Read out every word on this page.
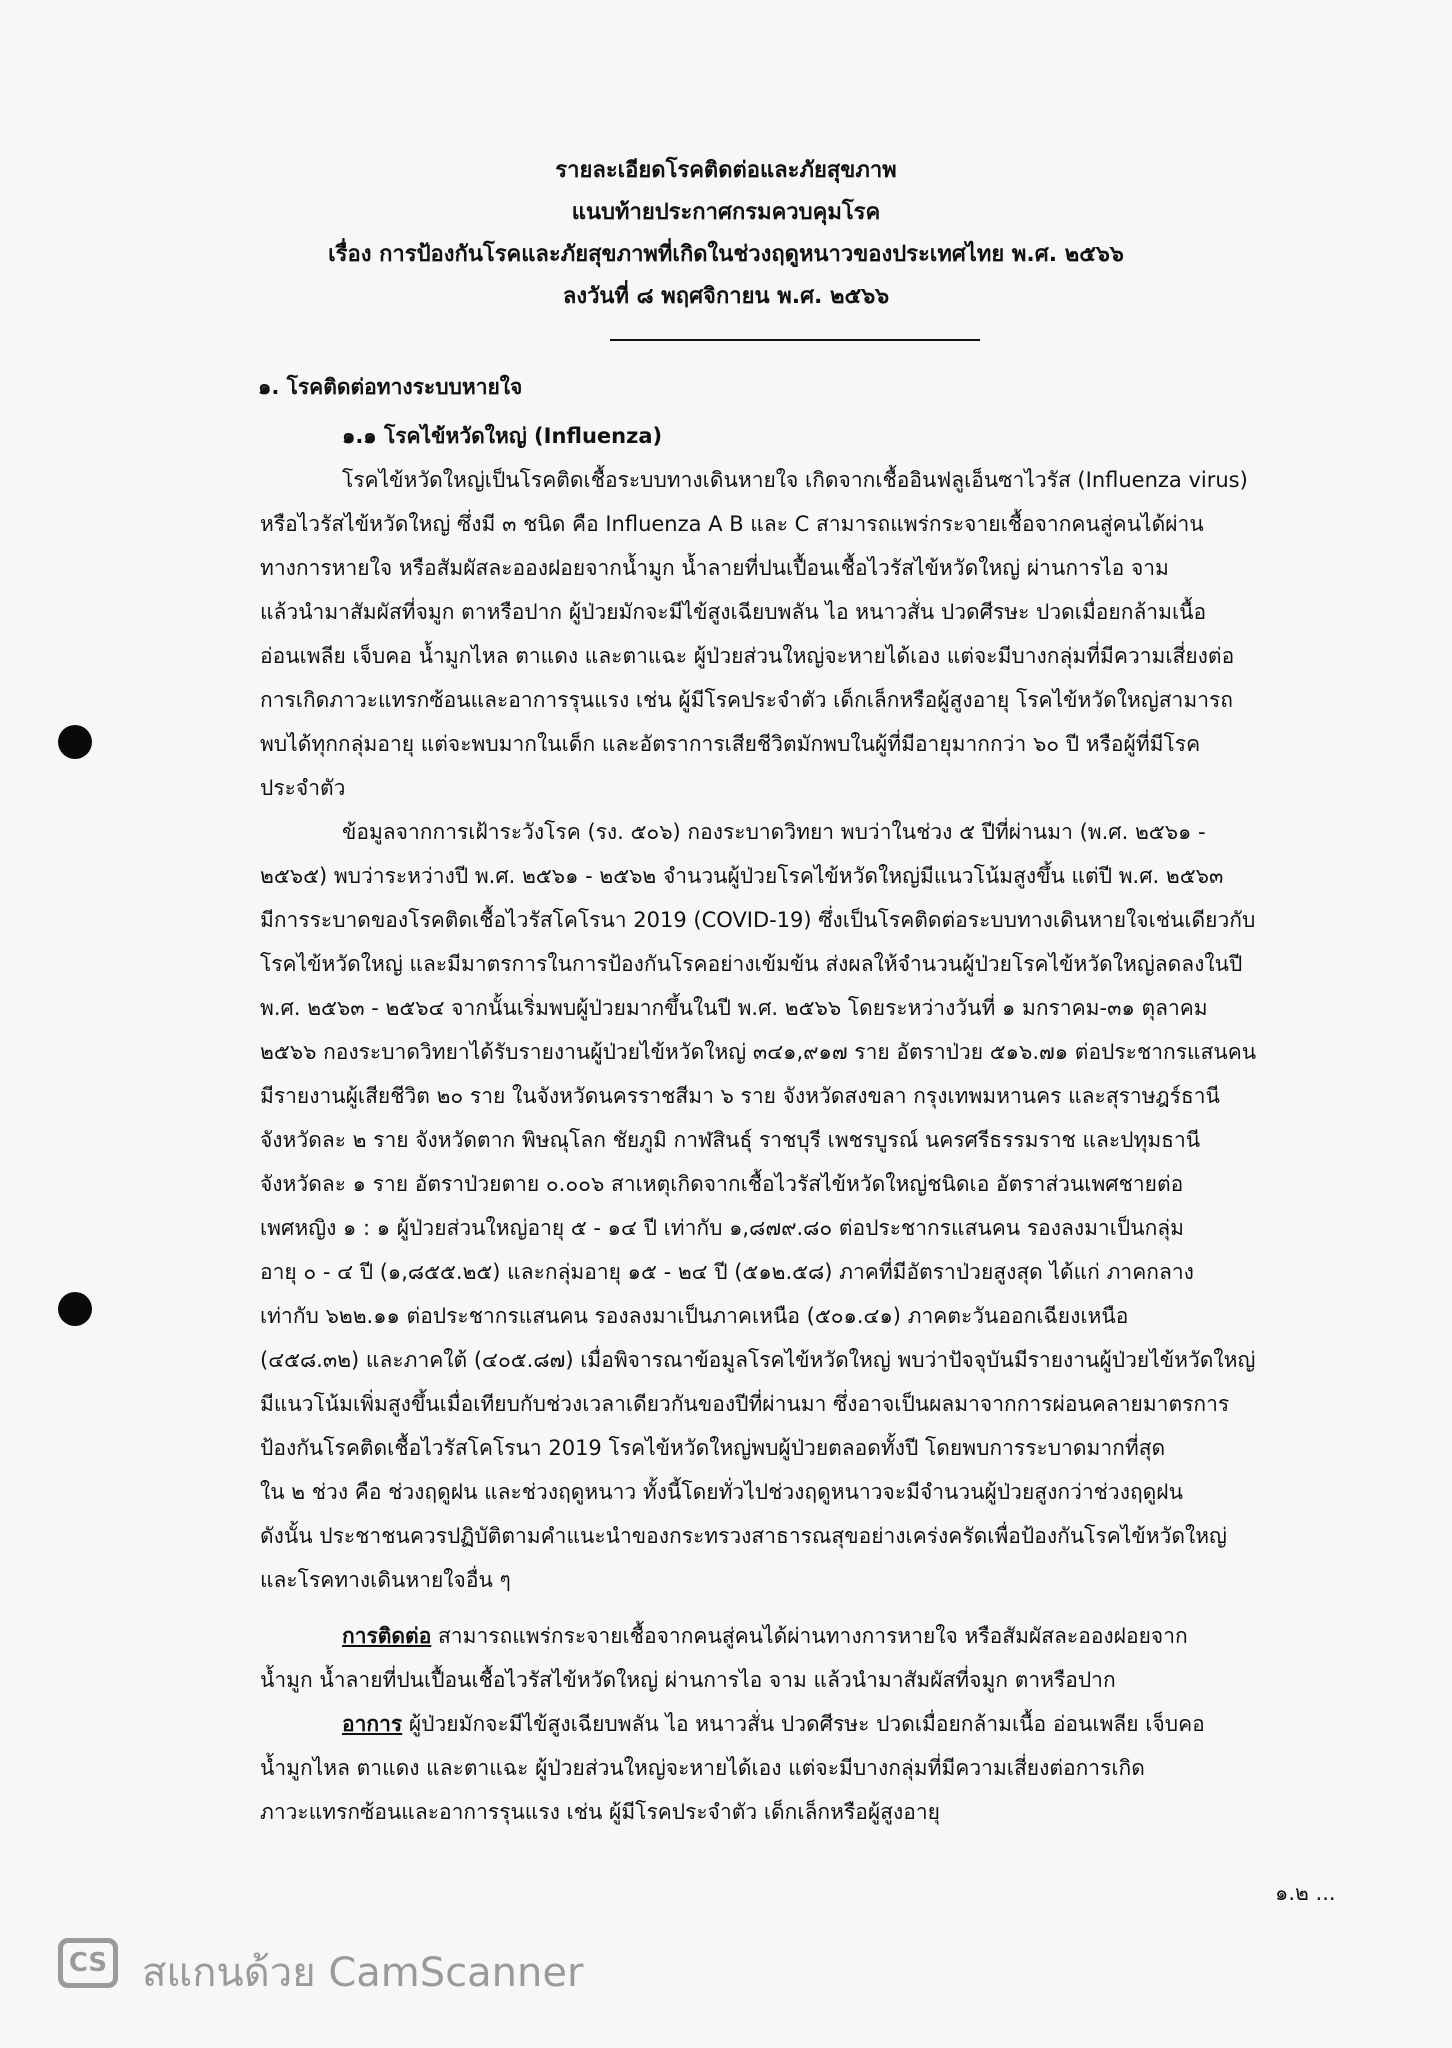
รายละเอียดโรคติดต่อและภัยสุขภาพ
แนบท้ายประกาศกรมควบคุมโรค
เรื่อง การป้องกันโรคและภัยสุขภาพที่เกิดในช่วงฤดูหนาวของประเทศไทย พ.ศ. ๒๕๖๖
ลงวันที่ ๘ พฤศจิกายน พ.ศ. ๒๕๖๖
๑. โรคติดต่อทางระบบหายใจ
๑.๑ โรคไข้หวัดใหญ่ (Influenza)
โรคไข้หวัดใหญ่เป็นโรคติดเชื้อระบบทางเดินหายใจ เกิดจากเชื้ออินฟลูเอ็นซาไวรัส (Influenza virus)
หรือไวรัสไข้หวัดใหญ่ ซึ่งมี ๓ ชนิด คือ Influenza A B และ C สามารถแพร่กระจายเชื้อจากคนสู่คนได้ผ่าน
ทางการหายใจ หรือสัมผัสละอองฝอยจากน้ำมูก น้ำลายที่ปนเปื้อนเชื้อไวรัสไข้หวัดใหญ่ ผ่านการไอ จาม
แล้วนำมาสัมผัสที่จมูก ตาหรือปาก ผู้ป่วยมักจะมีไข้สูงเฉียบพลัน ไอ หนาวสั่น ปวดศีรษะ ปวดเมื่อยกล้ามเนื้อ
อ่อนเพลีย เจ็บคอ น้ำมูกไหล ตาแดง และตาแฉะ ผู้ป่วยส่วนใหญ่จะหายได้เอง แต่จะมีบางกลุ่มที่มีความเสี่ยงต่อ
การเกิดภาวะแทรกซ้อนและอาการรุนแรง เช่น ผู้มีโรคประจำตัว เด็กเล็กหรือผู้สูงอายุ โรคไข้หวัดใหญ่สามารถ
พบได้ทุกกลุ่มอายุ แต่จะพบมากในเด็ก และอัตราการเสียชีวิตมักพบในผู้ที่มีอายุมากกว่า ๖๐ ปี หรือผู้ที่มีโรค
ประจำตัว
ข้อมูลจากการเฝ้าระวังโรค (รง. ๕๐๖) กองระบาดวิทยา พบว่าในช่วง ๕ ปีที่ผ่านมา (พ.ศ. ๒๕๖๑ -
๒๕๖๕) พบว่าระหว่างปี พ.ศ. ๒๕๖๑ - ๒๕๖๒ จำนวนผู้ป่วยโรคไข้หวัดใหญ่มีแนวโน้มสูงขึ้น แต่ปี พ.ศ. ๒๕๖๓
มีการระบาดของโรคติดเชื้อไวรัสโคโรนา 2019 (COVID-19) ซึ่งเป็นโรคติดต่อระบบทางเดินหายใจเช่นเดียวกับ
โรคไข้หวัดใหญ่ และมีมาตรการในการป้องกันโรคอย่างเข้มข้น ส่งผลให้จำนวนผู้ป่วยโรคไข้หวัดใหญ่ลดลงในปี
พ.ศ. ๒๕๖๓ - ๒๕๖๔ จากนั้นเริ่มพบผู้ป่วยมากขึ้นในปี พ.ศ. ๒๕๖๖ โดยระหว่างวันที่ ๑ มกราคม-๓๑ ตุลาคม
๒๕๖๖ กองระบาดวิทยาได้รับรายงานผู้ป่วยไข้หวัดใหญ่ ๓๔๑,๙๑๗ ราย อัตราป่วย ๕๑๖.๗๑ ต่อประชากรแสนคน
มีรายงานผู้เสียชีวิต ๒๐ ราย ในจังหวัดนครราชสีมา ๖ ราย จังหวัดสงขลา กรุงเทพมหานคร และสุราษฎร์ธานี
จังหวัดละ ๒ ราย จังหวัดตาก พิษณุโลก ชัยภูมิ กาฬสินธุ์ ราชบุรี เพชรบูรณ์ นครศรีธรรมราช และปทุมธานี
จังหวัดละ ๑ ราย อัตราป่วยตาย ๐.๐๐๖ สาเหตุเกิดจากเชื้อไวรัสไข้หวัดใหญ่ชนิดเอ อัตราส่วนเพศชายต่อ
เพศหญิง ๑ : ๑ ผู้ป่วยส่วนใหญ่อายุ ๕ - ๑๔ ปี เท่ากับ ๑,๘๗๙.๘๐ ต่อประชากรแสนคน รองลงมาเป็นกลุ่ม
อายุ ๐ - ๔ ปี (๑,๘๕๕.๒๕) และกลุ่มอายุ ๑๕ - ๒๔ ปี (๕๑๒.๕๘) ภาคที่มีอัตราป่วยสูงสุด ได้แก่ ภาคกลาง
เท่ากับ ๖๒๒.๑๑ ต่อประชากรแสนคน รองลงมาเป็นภาคเหนือ (๕๐๑.๔๑) ภาคตะวันออกเฉียงเหนือ
(๔๕๘.๓๒) และภาคใต้ (๔๐๕.๘๗) เมื่อพิจารณาข้อมูลโรคไข้หวัดใหญ่ พบว่าปัจจุบันมีรายงานผู้ป่วยไข้หวัดใหญ่
มีแนวโน้มเพิ่มสูงขึ้นเมื่อเทียบกับช่วงเวลาเดียวกันของปีที่ผ่านมา ซึ่งอาจเป็นผลมาจากการผ่อนคลายมาตรการ
ป้องกันโรคติดเชื้อไวรัสโคโรนา 2019 โรคไข้หวัดใหญ่พบผู้ป่วยตลอดทั้งปี โดยพบการระบาดมากที่สุด
ใน ๒ ช่วง คือ ช่วงฤดูฝน และช่วงฤดูหนาว ทั้งนี้โดยทั่วไปช่วงฤดูหนาวจะมีจำนวนผู้ป่วยสูงกว่าช่วงฤดูฝน
ดังนั้น ประชาชนควรปฏิบัติตามคำแนะนำของกระทรวงสาธารณสุขอย่างเคร่งครัดเพื่อป้องกันโรคไข้หวัดใหญ่
และโรคทางเดินหายใจอื่น ๆ
การติดต่อ สามารถแพร่กระจายเชื้อจากคนสู่คนได้ผ่านทางการหายใจ หรือสัมผัสละอองฝอยจาก
น้ำมูก น้ำลายที่ปนเปื้อนเชื้อไวรัสไข้หวัดใหญ่ ผ่านการไอ จาม แล้วนำมาสัมผัสที่จมูก ตาหรือปาก
อาการ ผู้ป่วยมักจะมีไข้สูงเฉียบพลัน ไอ หนาวสั่น ปวดศีรษะ ปวดเมื่อยกล้ามเนื้อ อ่อนเพลีย เจ็บคอ
น้ำมูกไหล ตาแดง และตาแฉะ ผู้ป่วยส่วนใหญ่จะหายได้เอง แต่จะมีบางกลุ่มที่มีความเสี่ยงต่อการเกิด
ภาวะแทรกซ้อนและอาการรุนแรง เช่น ผู้มีโรคประจำตัว เด็กเล็กหรือผู้สูงอายุ
๑.๒ ...
CS สแกนด้วย CamScanner
